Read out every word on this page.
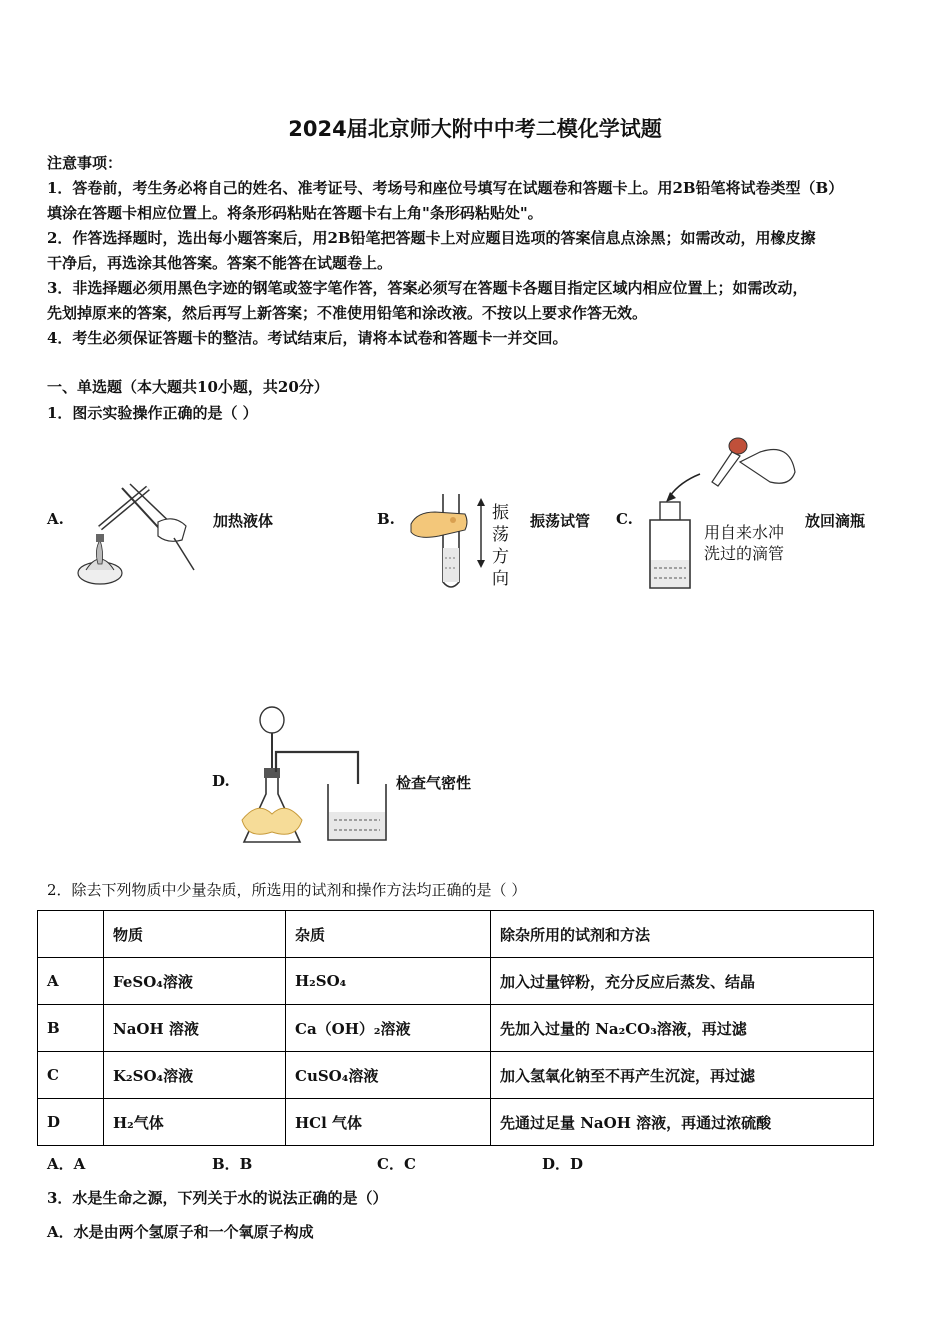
2024届北京师大附中中考二模化学试题
注意事项：
1．答卷前，考生务必将自己的姓名、准考证号、考场号和座位号填写在试题卷和答题卡上。用2B铅笔将试卷类型（B）
填涂在答题卡相应位置上。将条形码粘贴在答题卡右上角"条形码粘贴处"。
2．作答选择题时，选出每小题答案后，用2B铅笔把答题卡上对应题目选项的答案信息点涂黑；如需改动，用橡皮擦
干净后，再选涂其他答案。答案不能答在试题卷上。
3．非选择题必须用黑色字迹的钢笔或签字笔作答，答案必须写在答题卡各题目指定区域内相应位置上；如需改动，
先划掉原来的答案，然后再写上新答案；不准使用铅笔和涂改液。不按以上要求作答无效。
4．考生必须保证答题卡的整洁。考试结束后，请将本试卷和答题卡一并交回。
一、单选题（本大题共10小题，共20分）
1．图示实验操作正确的是（ ）
A.	加热液体	B.	振
荡
方
向
振荡试管 C.
用自来水冲
洗过的滴管
放回滴瓶
D.	检查气密性
2．除去下列物质中少量杂质，所选用的试剂和操作方法均正确的是（ ）
	物质	杂质	除杂所用的试剂和方法
A	FeSO₄溶液	H₂SO₄	加入过量锌粉，充分反应后蒸发、结晶
B	NaOH 溶液	Ca（OH）₂溶液	先加入过量的 Na₂CO₃溶液，再过滤
C	K₂SO₄溶液	CuSO₄溶液	加入氢氧化钠至不再产生沉淀，再过滤
D	H₂气体	HCl 气体	先通过足量 NaOH 溶液，再通过浓硫酸
A．A	B．B	C．C	D．D
3．水是生命之源，下列关于水的说法正确的是（）
A．水是由两个氢原子和一个氧原子构成
